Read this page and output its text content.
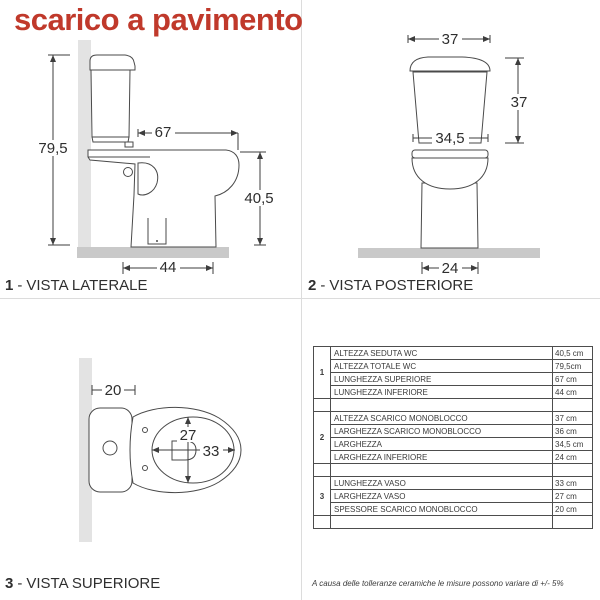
scarico a pavimento
79,5
67
40,5
44
37
37
34,5
24
20
27
33
1 - VISTA LATERALE	2 - VISTA POSTERIORE
3 - VISTA SUPERIORE
1	ALTEZZA SEDUTA WC	40,5 cm
	ALTEZZA TOTALE WC	79,5cm
	LUNGHEZZA SUPERIORE	67 cm
	LUNGHEZZA INFERIORE	44 cm

2	ALTEZZA SCARICO MONOBLOCCO	37 cm
	LARGHEZZA SCARICO MONOBLOCCO	36 cm
	LARGHEZZA	34,5 cm
	LARGHEZZA INFERIORE	24 cm

3	LUNGHEZZA VASO	33 cm
	LARGHEZZA VASO	27 cm
	SPESSORE SCARICO MONOBLOCCO	20 cm

A causa delle tolleranze ceramiche le misure possono variare di +/- 5%
